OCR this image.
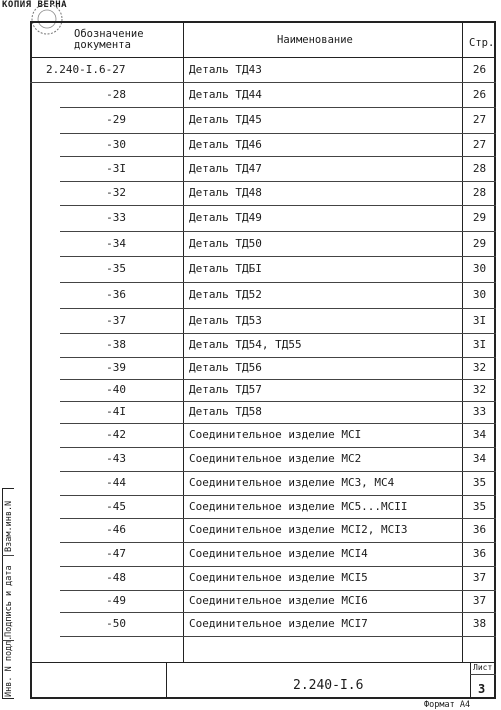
КОПИЯ ВЕРНА
Обозначение
документа	Наименование	Стр.
2.240-I.6-27	Деталь ТД43	26
-28	Деталь ТД44	26
-29	Деталь ТД45	27
-30	Деталь ТД46	27
-3I	Деталь ТД47	28
-32	Деталь ТД48	28
-33	Деталь ТД49	29
-34	Деталь ТД50	29
-35	Деталь ТДБI	30
-36	Деталь ТД52	30
-37	Деталь ТД53	3I
-38	Деталь ТД54, ТД55	3I
-39	Деталь ТД56	32
-40	Деталь ТД57	32
-4I	Деталь ТД58	33
-42	Соединительное изделие МСI	34
-43	Соединительное изделие МС2	34
-44	Соединительное изделие МС3, МС4	35
-45	Соединительное изделие МС5...МСII	35
-46	Соединительное изделие МСI2, МСI3	36
-47	Соединительное изделие МСI4	36
-48	Соединительное изделие МСI5	37
-49	Соединительное изделие МСI6	37
-50	Соединительное изделие МСI7	38
Взам.инв.N
Подпись и дата
Инв. N подл.	2.240-I.6
Лист
3
Формат А4
